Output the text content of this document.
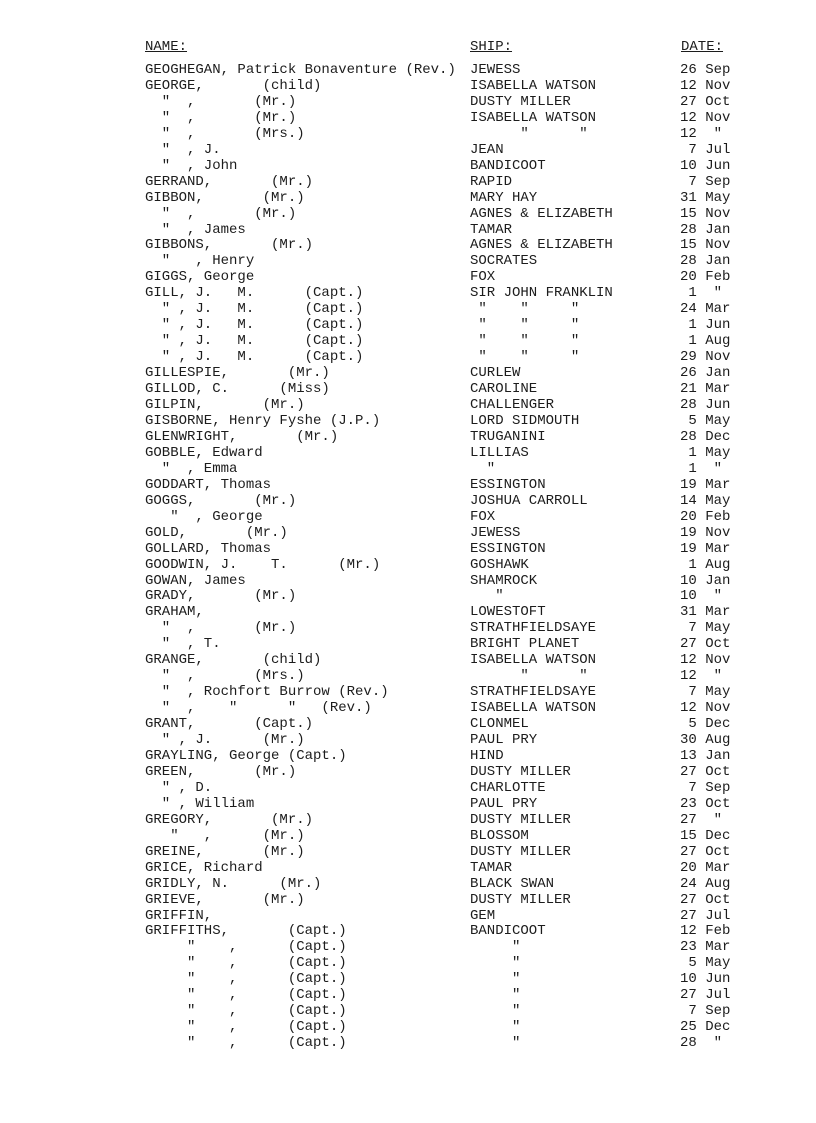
NAME:	SHIP:	DATE:
GEOGHEGAN, Patrick Bonaventure (Rev.)	JEWESS	26 Sep
GEORGE,       (child)	ISABELLA WATSON	12 Nov
"  ,       (Mr.)	DUSTY MILLER	27 Oct
"  ,       (Mr.)	ISABELLA WATSON	12 Nov
"  ,       (Mrs.)	"      "	12  "
"  , J.	JEAN	7 Jul
"  , John	BANDICOOT	10 Jun
GERRAND,       (Mr.)	RAPID	7 Sep
GIBBON,       (Mr.)	MARY HAY	31 May
"  ,       (Mr.)	AGNES & ELIZABETH	15 Nov
"  , James	TAMAR	28 Jan
GIBBONS,       (Mr.)	AGNES & ELIZABETH	15 Nov
"   , Henry	SOCRATES	28 Jan
GIGGS, George	FOX	20 Feb
GILL, J.   M.      (Capt.)	SIR JOHN FRANKLIN	1  "
" , J.   M.      (Capt.)	"    "     "	24 Mar
" , J.   M.      (Capt.)	"    "     "	1 Jun
" , J.   M.      (Capt.)	"    "     "	1 Aug
" , J.   M.      (Capt.)	"    "     "	29 Nov
GILLESPIE,       (Mr.)	CURLEW	26 Jan
GILLOD, C.      (Miss)	CAROLINE	21 Mar
GILPIN,       (Mr.)	CHALLENGER	28 Jun
GISBORNE, Henry Fyshe (J.P.)	LORD SIDMOUTH	5 May
GLENWRIGHT,       (Mr.)	TRUGANINI	28 Dec
GOBBLE, Edward	LILLIAS	1 May
"  , Emma	"	1  "
GODDART, Thomas	ESSINGTON	19 Mar
GOGGS,       (Mr.)	JOSHUA CARROLL	14 May
"  , George	FOX	20 Feb
GOLD,       (Mr.)	JEWESS	19 Nov
GOLLARD, Thomas	ESSINGTON	19 Mar
GOODWIN, J.    T.      (Mr.)	GOSHAWK	1 Aug
GOWAN, James	SHAMROCK	10 Jan
GRADY,       (Mr.)	"	10  "
GRAHAM,	LOWESTOFT	31 Mar
"  ,       (Mr.)	STRATHFIELDSAYE	7 May
"  , T.	BRIGHT PLANET	27 Oct
GRANGE,       (child)	ISABELLA WATSON	12 Nov
"  ,       (Mrs.)	"      "	12  "
"  , Rochfort Burrow (Rev.)	STRATHFIELDSAYE	7 May
"  ,    "      "   (Rev.)	ISABELLA WATSON	12 Nov
GRANT,       (Capt.)	CLONMEL	5 Dec
" , J.      (Mr.)	PAUL PRY	30 Aug
GRAYLING, George (Capt.)	HIND	13 Jan
GREEN,       (Mr.)	DUSTY MILLER	27 Oct
" , D.	CHARLOTTE	7 Sep
" , William	PAUL PRY	23 Oct
GREGORY,       (Mr.)	DUSTY MILLER	27  "
"   ,      (Mr.)	BLOSSOM	15 Dec
GREINE,       (Mr.)	DUSTY MILLER	27 Oct
GRICE, Richard	TAMAR	20 Mar
GRIDLY, N.      (Mr.)	BLACK SWAN	24 Aug
GRIEVE,       (Mr.)	DUSTY MILLER	27 Oct
GRIFFIN,	GEM	27 Jul
GRIFFITHS,       (Capt.)	BANDICOOT	12 Feb
"    ,      (Capt.)	"	23 Mar
"    ,      (Capt.)	"	5 May
"    ,      (Capt.)	"	10 Jun
"    ,      (Capt.)	"	27 Jul
"    ,      (Capt.)	"	7 Sep
"    ,      (Capt.)	"	25 Dec
"    ,      (Capt.)	"	28  "
